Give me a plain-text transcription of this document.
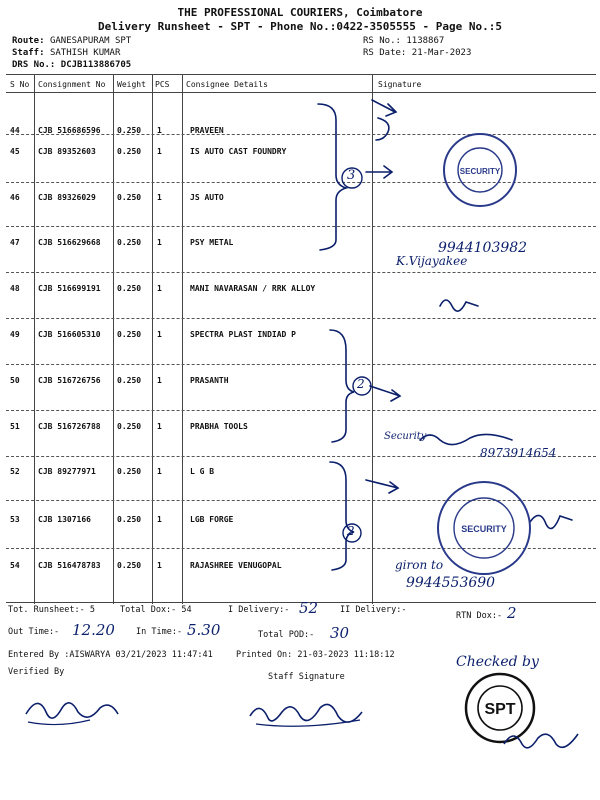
THE PROFESSIONAL COURIERS, Coimbatore
Delivery Runsheet - SPT - Phone No.:0422-3505555 - Page No.:5
Route: GANESAPURAM SPT
Staff: SATHISH KUMAR
DRS No.: DCJB113886705
RS No.: 1138867
RS Date: 21-Mar-2023
S No Consignment No Weight PCS Consignee Details	Signature
44 CJB 516686596 0.250 1	PRAVEEN
45 CJB 89352603	0.250 1	IS AUTO CAST FOUNDRY
46 CJB 89326029	0.250 1	JS AUTO
47 CJB 516629668 0.250 1	PSY METAL
48 CJB 516699191 0.250 1	MANI NAVARASAN / RRK ALLOY
49 CJB 516605310 0.250 1	SPECTRA PLAST INDIAD P
50 CJB 516726756 0.250 1	PRASANTH
51 CJB 516726788 0.250 1	PRABHA TOOLS
52 CJB 89277971	0.250 1	L G B
53 CJB 1307166	0.250 1	LGB FORGE
54 CJB 516478783 0.250 1	RAJASHREE VENUGOPAL
Tot. Runsheet:- 5	Total Dox:- 54	I Delivery:- 52	II Delivery:-
RTN Dox:- 2
Out Time:- 12.20 In Time:- 5.30	Total POD:- 30
Entered By :AISWARYA 03/21/2023 11:47:41	Printed On: 21-03-2023 11:18:12
Verified By	Staff Signature
9944103982
K.Vijayakee
Security
8973914654
giron to
9944553690
Checked by
3
2
2
SECURITY
SECURITY
SPT
